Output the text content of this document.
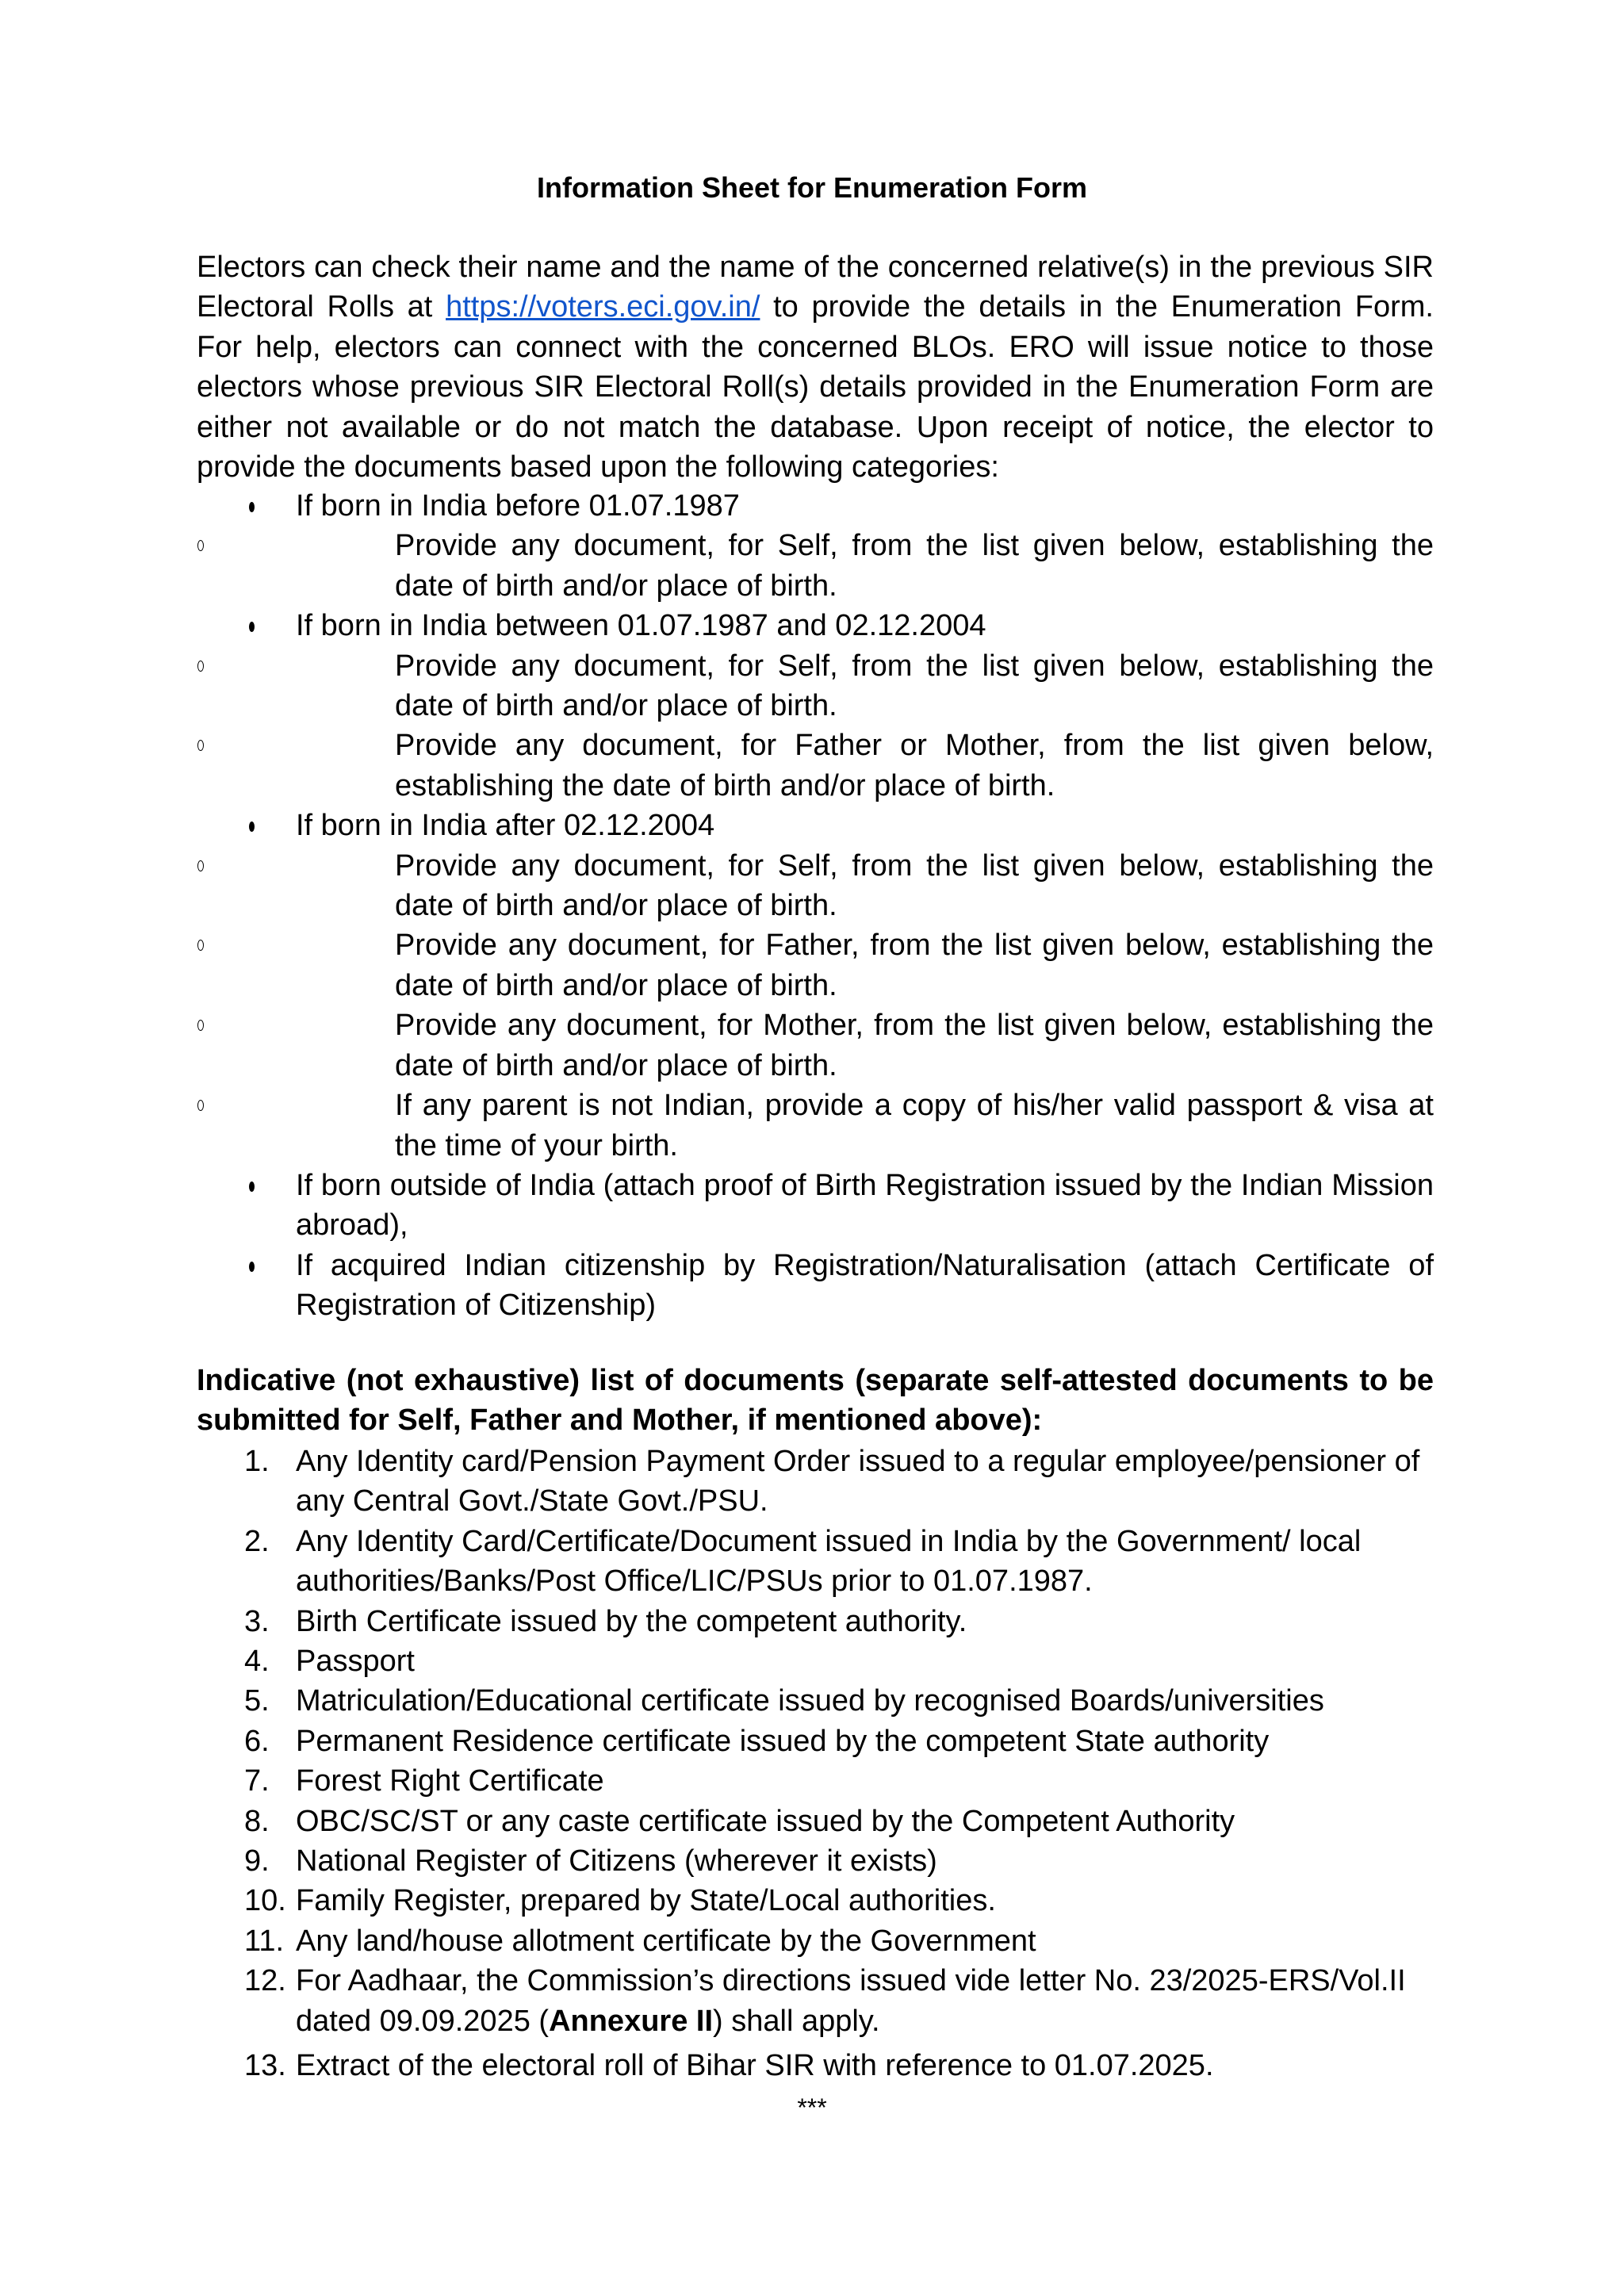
Information Sheet for Enumeration Form

Electors can check their name and the name of the concerned relative(s) in the previous SIR Electoral Rolls at https://voters.eci.gov.in/ to provide the details in the Enumeration Form. For help, electors can connect with the concerned BLOs. ERO will issue notice to those electors whose previous SIR Electoral Roll(s) details provided in the Enumeration Form are either not available or do not match the database. Upon receipt of notice, the elector to provide the documents based upon the following categories:

If born in India before 01.07.1987
Provide any document, for Self, from the list given below, establishing the date of birth and/or place of birth.
If born in India between 01.07.1987 and 02.12.2004
Provide any document, for Self, from the list given below, establishing the date of birth and/or place of birth.
Provide any document, for Father or Mother, from the list given below, establishing the date of birth and/or place of birth.
If born in India after 02.12.2004
Provide any document, for Self, from the list given below, establishing the date of birth and/or place of birth.
Provide any document, for Father, from the list given below, establishing the date of birth and/or place of birth.
Provide any document, for Mother, from the list given below, establishing the date of birth and/or place of birth.
If any parent is not Indian, provide a copy of his/her valid passport & visa at the time of your birth.
If born outside of India (attach proof of Birth Registration issued by the Indian Mission abroad),
If acquired Indian citizenship by Registration/Naturalisation (attach Certificate of Registration of Citizenship)

Indicative (not exhaustive) list of documents (separate self-attested documents to be submitted for Self, Father and Mother, if mentioned above):

1. Any Identity card/Pension Payment Order issued to a regular employee/pensioner of any Central Govt./State Govt./PSU.
2. Any Identity Card/Certificate/Document issued in India by the Government/ local authorities/Banks/Post Office/LIC/PSUs prior to 01.07.1987.
3. Birth Certificate issued by the competent authority.
4. Passport
5. Matriculation/Educational certificate issued by recognised Boards/universities
6. Permanent Residence certificate issued by the competent State authority
7. Forest Right Certificate
8. OBC/SC/ST or any caste certificate issued by the Competent Authority
9. National Register of Citizens (wherever it exists)
10. Family Register, prepared by State/Local authorities.
11. Any land/house allotment certificate by the Government
12. For Aadhaar, the Commission’s directions issued vide letter No. 23/2025-ERS/Vol.II dated 09.09.2025 (Annexure II) shall apply.
13. Extract of the electoral roll of Bihar SIR with reference to 01.07.2025.
***
